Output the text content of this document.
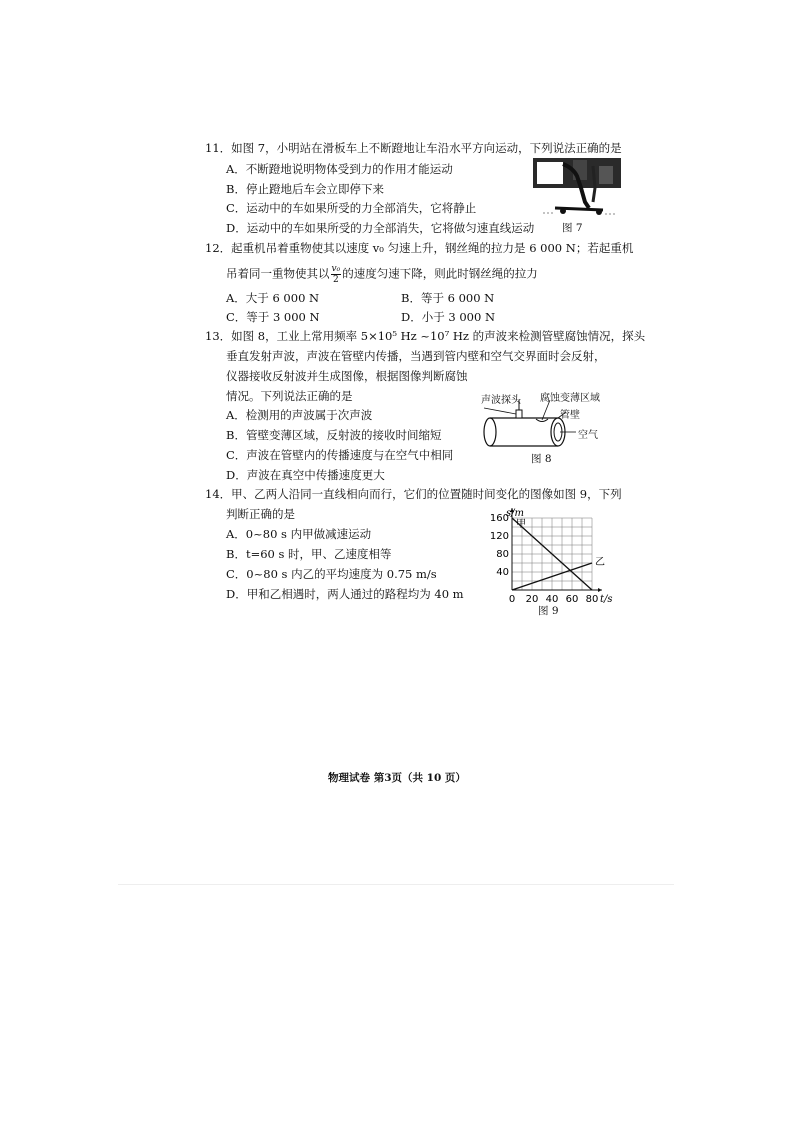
11．如图 7，小明站在滑板车上不断蹬地让车沿水平方向运动，下列说法正确的是
A．不断蹬地说明物体受到力的作用才能运动
B．停止蹬地后车会立即停下来
C．运动中的车如果所受的力全部消失，它将静止
D．运动中的车如果所受的力全部消失，它将做匀速直线运动	图 7
12．起重机吊着重物使其以速度 v₀ 匀速上升，钢丝绳的拉力是 6 000 N；若起重机
吊着同一重物使其以 $\frac{\text{v₀}}{2}$ 的速度匀速下降，则此时钢丝绳的拉力
A．大于 6 000 N	B．等于 6 000 N
C．等于 3 000 N	D．小于 3 000 N
13．如图 8，工业上常用频率 5×10⁵ Hz ~10⁷ Hz 的声波来检测管壁腐蚀情况，探头
垂直发射声波，声波在管壁内传播，当遇到管内壁和空气交界面时会反射，
仪器接收反射波并生成图像，根据图像判断腐蚀
情况。下列说法正确的是
A．检测用的声波属于次声波
B．管壁变薄区域，反射波的接收时间缩短
C．声波在管壁内的传播速度与在空气中相同
D．声波在真空中传播速度更大
声波探头 腐蚀变薄区域
管壁
空气
图 8
14．甲、乙两人沿同一直线相向而行，它们的位置随时间变化的图像如图 9，下列
判断正确的是
A．0~80 s 内甲做减速运动
B．t=60 s 时，甲、乙速度相等
C．0~80 s 内乙的平均速度为 0.75 m/s
D．甲和乙相遇时，两人通过的路程均为 40 m	0 20 40 60 80
40
80
120
160
s/m
t/s
甲
乙
图 9
物理试卷 第3页（共 10 页）
